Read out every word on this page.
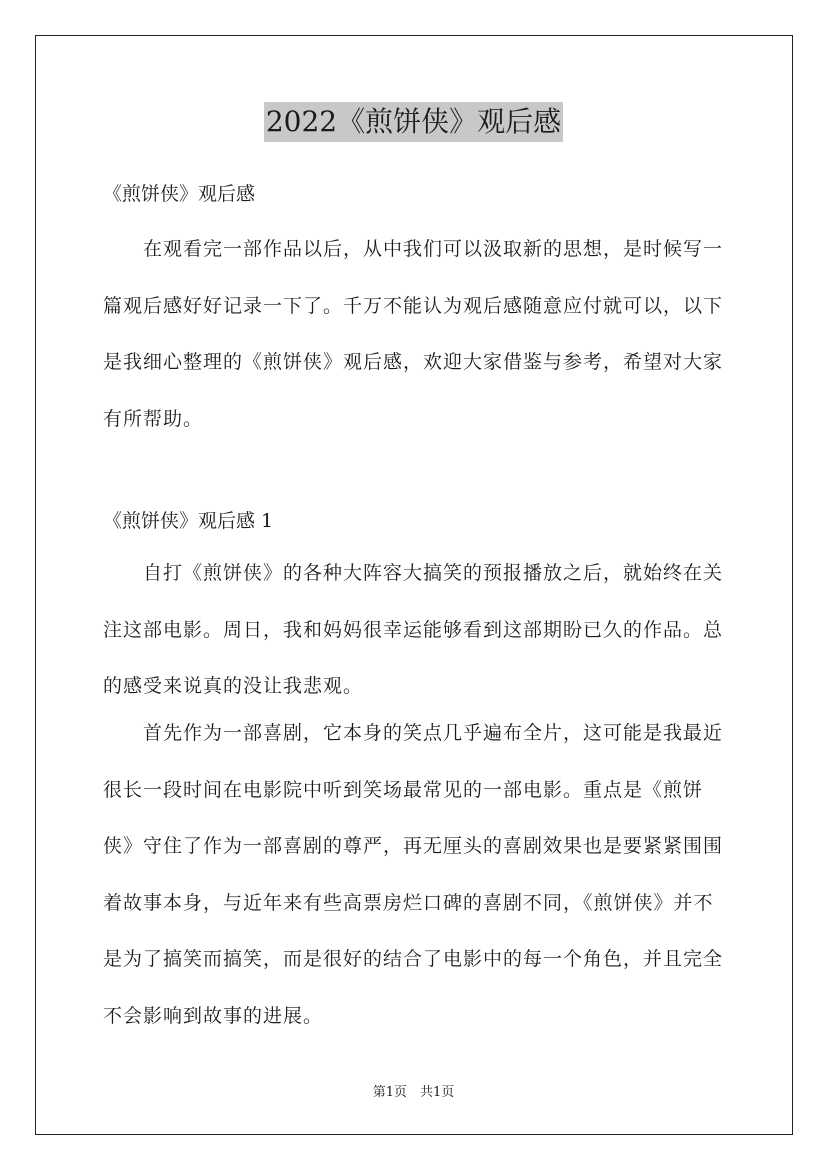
2022《煎饼侠》观后感
《煎饼侠》观后感

在观看完一部作品以后，从中我们可以汲取新的思想，是时候写一篇观后感好好记录一下了。千万不能认为观后感随意应付就可以，以下是我细心整理的《煎饼侠》观后感，欢迎大家借鉴与参考，希望对大家有所帮助。

《煎饼侠》观后感 1

自打《煎饼侠》的各种大阵容大搞笑的预报播放之后，就始终在关注这部电影。周日，我和妈妈很幸运能够看到这部期盼已久的作品。总的感受来说真的没让我悲观。

首先作为一部喜剧，它本身的笑点几乎遍布全片，这可能是我最近很长一段时间在电影院中听到笑场最常见的一部电影。重点是《煎饼侠》守住了作为一部喜剧的尊严，再无厘头的喜剧效果也是要紧紧围围着故事本身，与近年来有些高票房烂口碑的喜剧不同，《煎饼侠》并不是为了搞笑而搞笑，而是很好的结合了电影中的每一个角色，并且完全不会影响到故事的进展。

第1页　共1页
